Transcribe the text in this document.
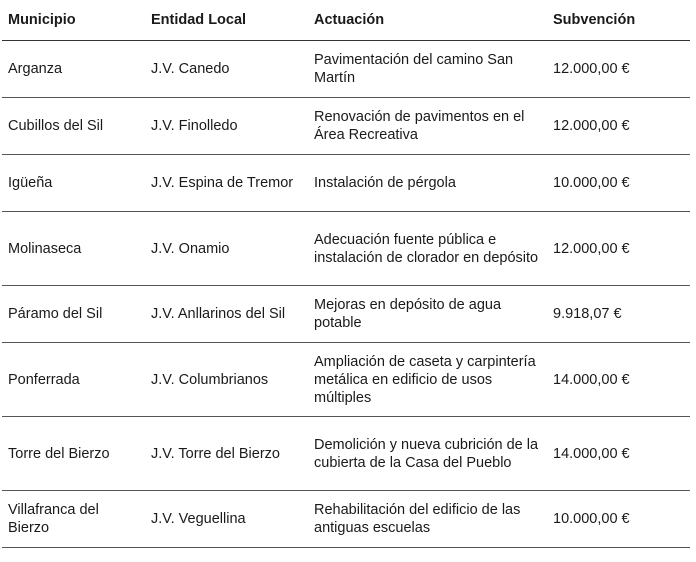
Municipio	Entidad Local	Actuación	Subvención
Arganza	J.V. Canedo	Pavimentación del camino San Martín	12.000,00 €
Cubillos del Sil	J.V. Finolledo	Renovación de pavimentos en el Área Recreativa	12.000,00 €
Igüeña	J.V. Espina de Tremor	Instalación de pérgola	10.000,00 €
Molinaseca	J.V. Onamio	Adecuación fuente pública e instalación de clorador en depósito	12.000,00 €
Páramo del Sil	J.V. Anllarinos del Sil	Mejoras en depósito de agua potable	9.918,07 €
Ponferrada	J.V. Columbrianos	Ampliación de caseta y carpintería metálica en edificio de usos múltiples	14.000,00 €
Torre del Bierzo	J.V. Torre del Bierzo	Demolición y nueva cubrición de la cubierta de la Casa del Pueblo	14.000,00 €
Villafranca del Bierzo	J.V. Veguellina	Rehabilitación del edificio de las antiguas escuelas	10.000,00 €
